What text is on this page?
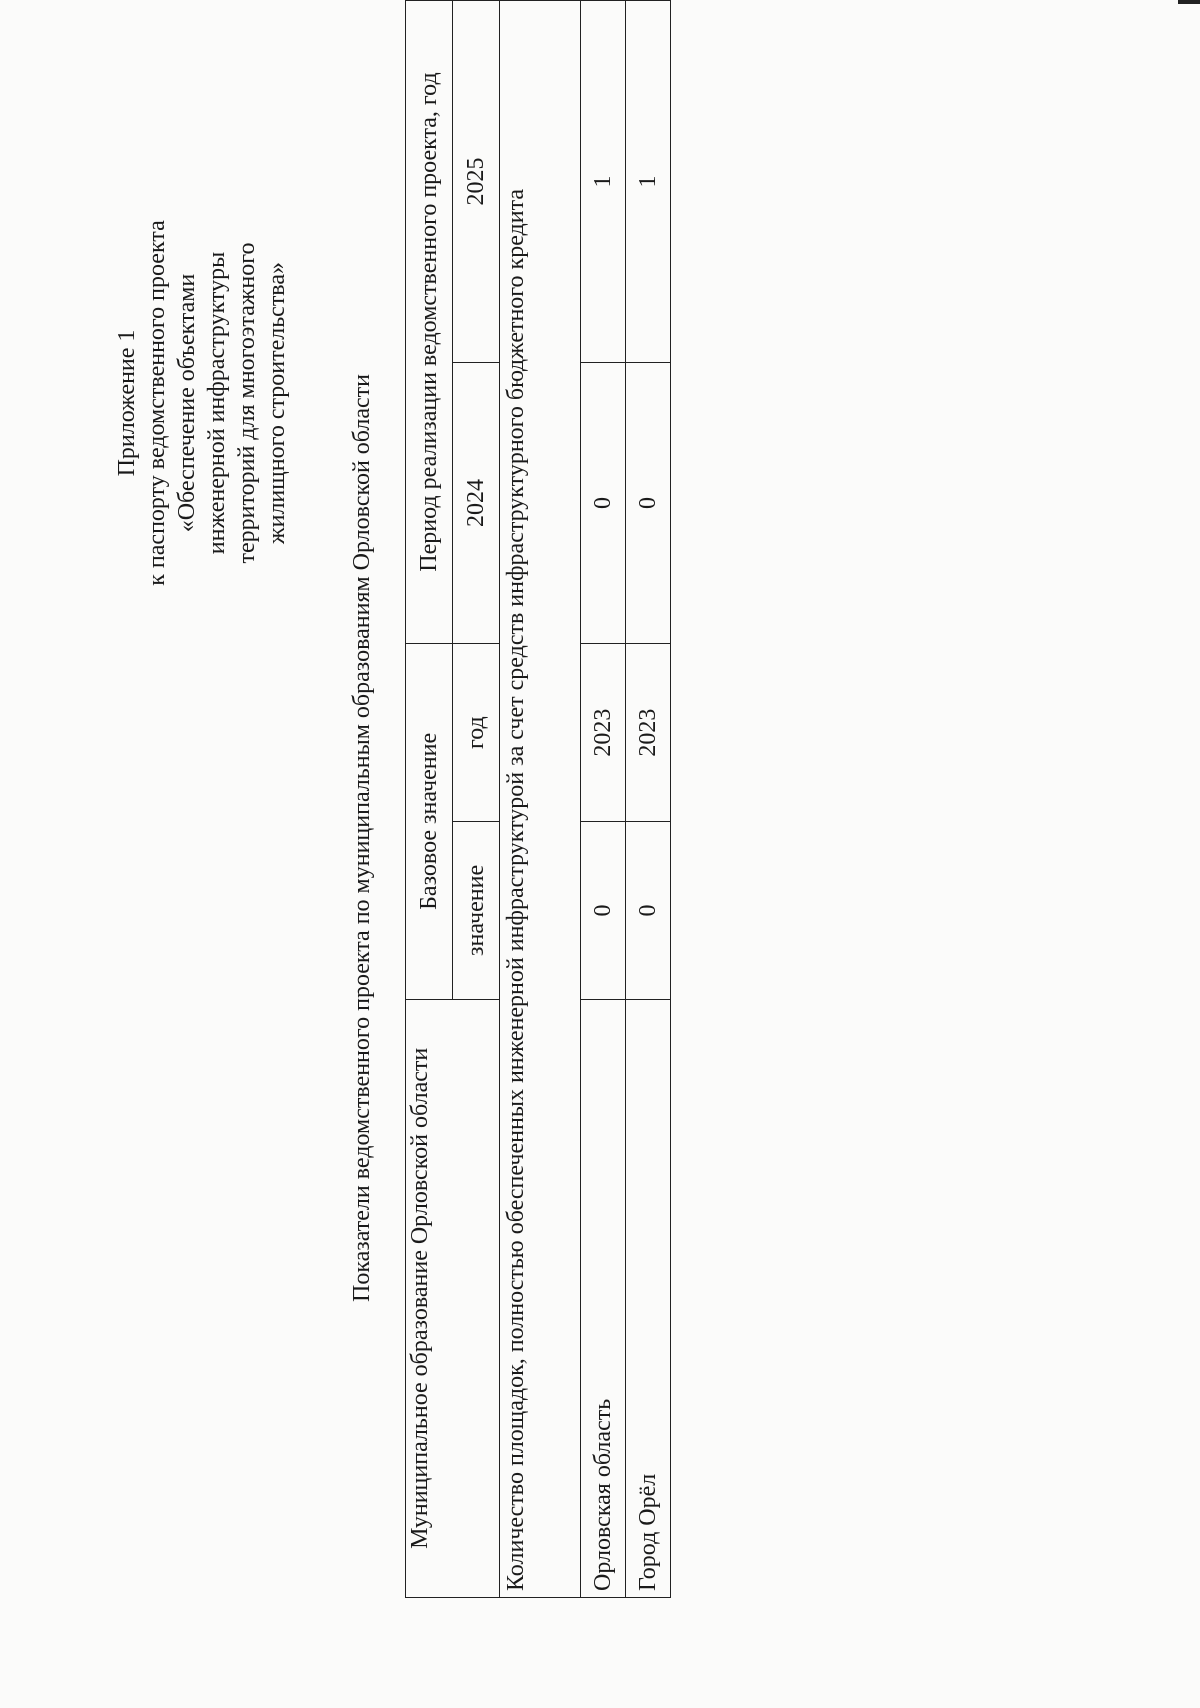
Приложение 1 к паспорту ведомственного проекта «Обеспечение объектами инженерной инфраструктуры территорий для многоэтажного жилищного строительства» Показатели ведомственного проекта по муниципальным образованиям Орловской области Муниципальное образование Орловской области	Базовое значение		Период реализации ведомственного проекта, год	
	значение	год	2024	2025
Количество площадок, полностью обеспеченных инженерной инфраструктурой за счет средств инфраструктурного бюджетного кредита				
Орловская область	0	2023	0	1
Город Орёл	0	2023	0	1
